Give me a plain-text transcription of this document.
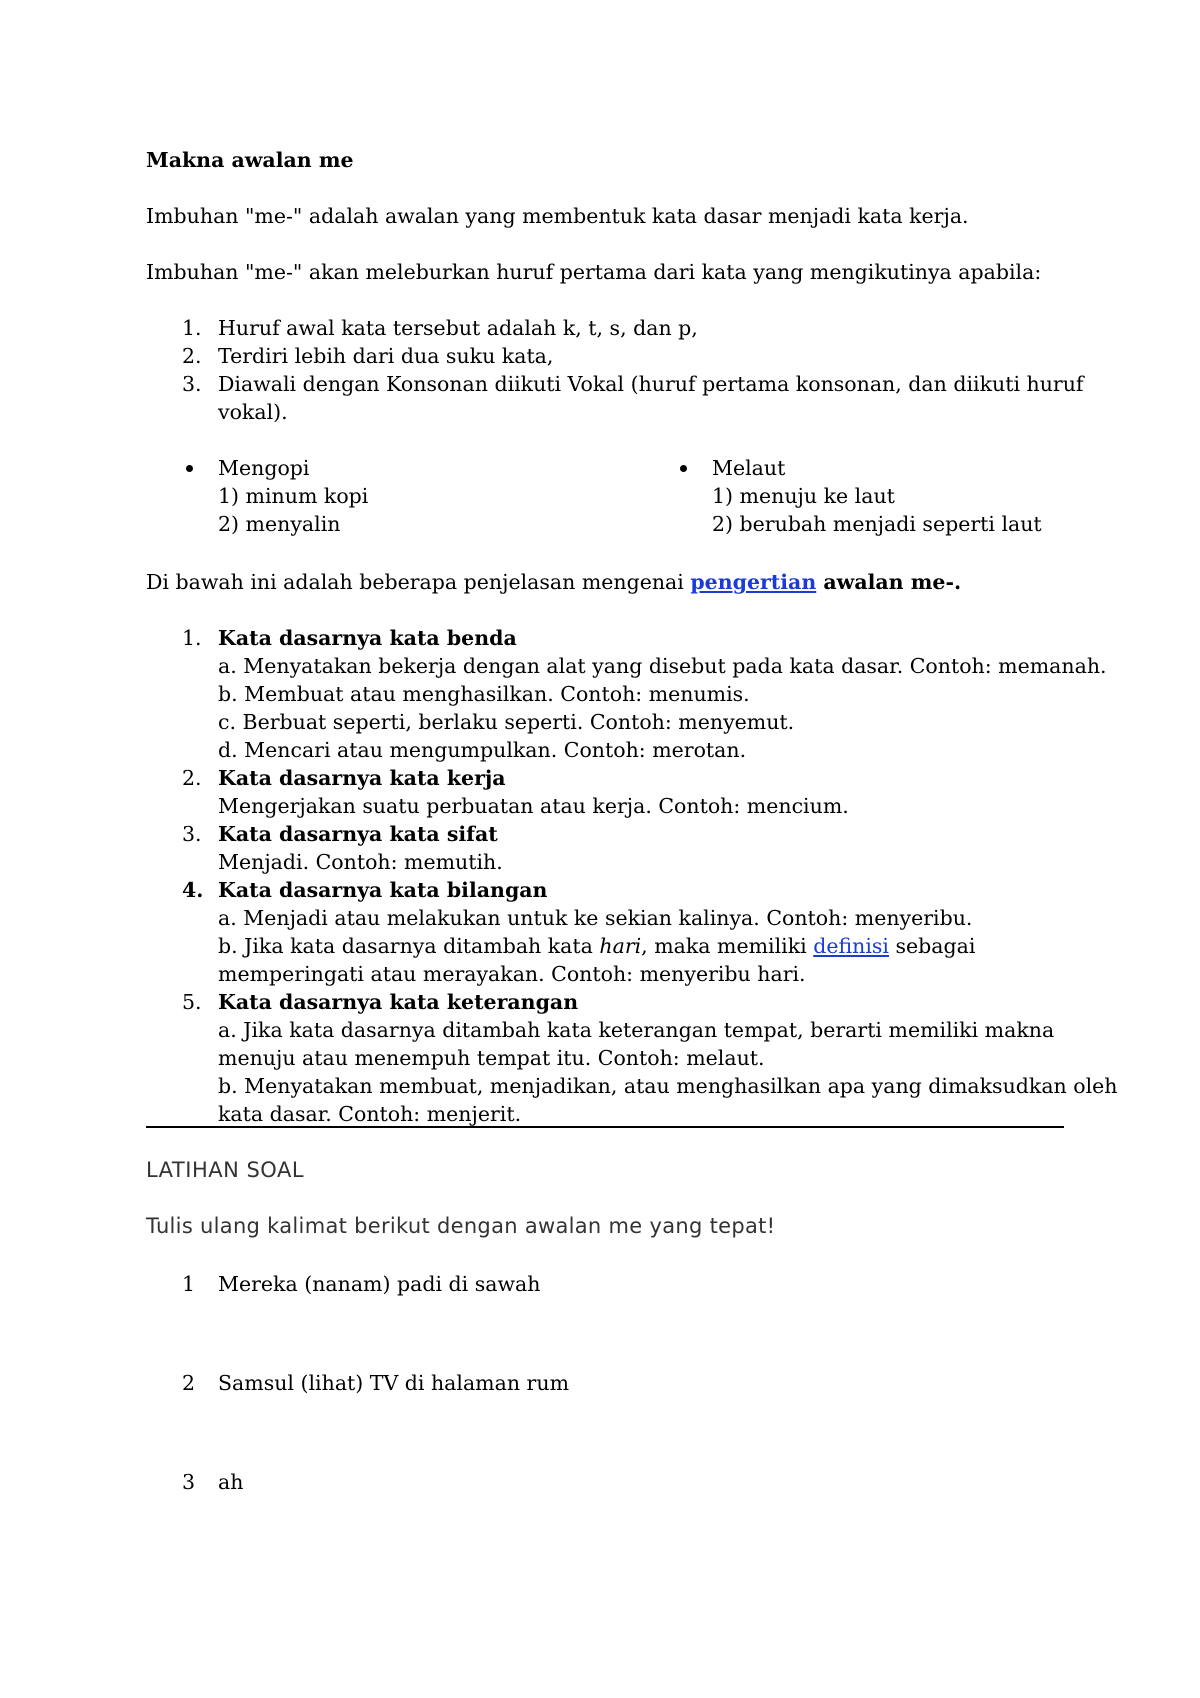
Makna awalan me
Imbuhan "me-" adalah awalan yang membentuk kata dasar menjadi kata kerja.
Imbuhan "me-" akan meleburkan huruf pertama dari kata yang mengikutinya apabila:
1. Huruf awal kata tersebut adalah k, t, s, dan p,
2. Terdiri lebih dari dua suku kata,
3. Diawali dengan Konsonan diikuti Vokal (huruf pertama konsonan, dan diikuti huruf
vokal).
Mengopi
1) minum kopi
2) menyalin
Melaut
1) menuju ke laut
2) berubah menjadi seperti laut
Di bawah ini adalah beberapa penjelasan mengenai pengertian awalan me-.
1. Kata dasarnya kata benda
a. Menyatakan bekerja dengan alat yang disebut pada kata dasar. Contoh: memanah.
b. Membuat atau menghasilkan. Contoh: menumis.
c. Berbuat seperti, berlaku seperti. Contoh: menyemut.
d. Mencari atau mengumpulkan. Contoh: merotan.
2. Kata dasarnya kata kerja
Mengerjakan suatu perbuatan atau kerja. Contoh: mencium.
3. Kata dasarnya kata sifat
Menjadi. Contoh: memutih.
4. Kata dasarnya kata bilangan
a. Menjadi atau melakukan untuk ke sekian kalinya. Contoh: menyeribu.
b. Jika kata dasarnya ditambah kata hari, maka memiliki definisi sebagai
memperingati atau merayakan. Contoh: menyeribu hari.
5. Kata dasarnya kata keterangan
a. Jika kata dasarnya ditambah kata keterangan tempat, berarti memiliki makna
menuju atau menempuh tempat itu. Contoh: melaut.
b. Menyatakan membuat, menjadikan, atau menghasilkan apa yang dimaksudkan oleh
kata dasar. Contoh: menjerit.
LATIHAN SOAL
Tulis ulang kalimat berikut dengan awalan me yang tepat!
1	Mereka (nanam) padi di sawah
2	Samsul (lihat) TV di halaman rum
3	ah
